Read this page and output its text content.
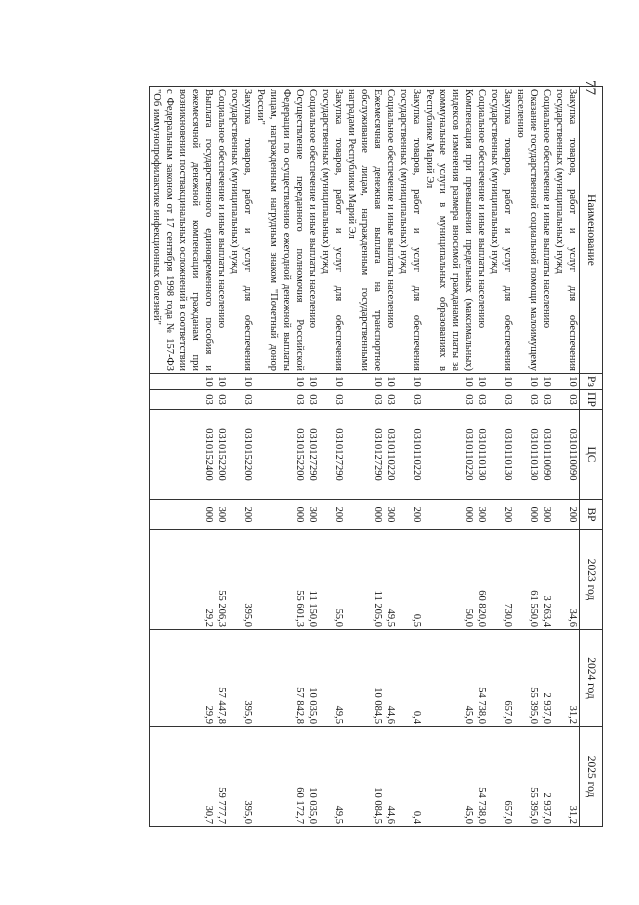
77
Наименование	Рз	ПР	ЦС	ВР	2023 год	2024 год	2025 год
Закупка товаров, работ и услуг для обеспечения государственных (муниципальных) нужд	10	03	0310110090	200	34,6	31,2	31,2
Социальное обеспечение и иные выплаты населению	10	03	0310110090	300	3 263,4	2 937,0	2 937,0
Оказание государственной социальной помощи малоимущему населению	10	03	0310110130	000	61 550,0	55 395,0	55 395,0
Закупка товаров, работ и услуг для обеспечения государственных (муниципальных) нужд	10	03	0310110130	200	730,0	657,0	657,0
Социальное обеспечение и иные выплаты населению	10	03	0310110130	300	60 820,0	54 738,0	54 738,0
Компенсация при превышении предельных (максимальных) индексов изменения размера вносимой гражданами платы за коммунальные услуги в муниципальных образованиях в Республике Марий Эл	10	03	0310110220	000	50,0	45,0	45,0
Закупка товаров, работ и услуг для обеспечения государственных (муниципальных) нужд	10	03	0310110220	200	0,5	0,4	0,4
Социальное обеспечение и иные выплаты населению	10	03	0310110220	300	49,5	44,6	44,6
Ежемесячная денежная выплата на транспортное обслуживание лицам, награжденным государственными наградами Республики Марий Эл	10	03	0310127290	000	11 205,0	10 084,5	10 084,5
Закупка товаров, работ и услуг для обеспечения государственных (муниципальных) нужд	10	03	0310127290	200	55,0	49,5	49,5
Социальное обеспечение и иные выплаты населению	10	03	0310127290	300	11 150,0	10 035,0	10 035,0
Осуществление переданного полномочия Российской Федерации по осуществлению ежегодной денежной выплаты лицам, награжденным нагрудным знаком "Почетный донор России"	10	03	0310152200	000	55 601,3	57 842,8	60 172,7
Закупка товаров, работ и услуг для обеспечения государственных (муниципальных) нужд	10	03	0310152200	200	395,0	395,0	395,0
Социальное обеспечение и иные выплаты населению	10	03	0310152200	300	55 206,3	57 447,8	59 777,7
Выплата государственного единовременного пособия и ежемесячной денежной компенсации гражданам при возникновении поствакцинальных осложнений в соответствии с Федеральным законом от 17 сентября 1998 года № 157-ФЗ "Об иммунопрофилактике инфекционных болезней"	10	03	0310152400	000	29,2	29,9	30,7
